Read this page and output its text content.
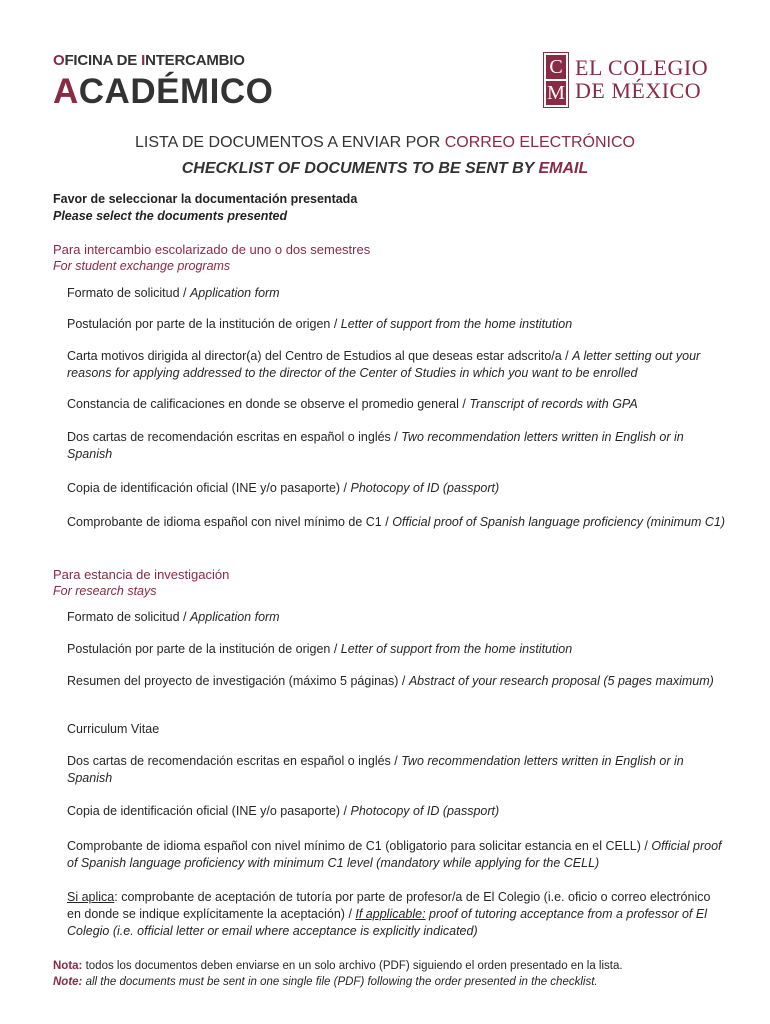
OFICINA DE INTERCAMBIO
ACADÉMICO
C
M
EL COLEGIO
DE MÉXICO
LISTA DE DOCUMENTOS A ENVIAR POR CORREO ELECTRÓNICO
CHECKLIST OF DOCUMENTS TO BE SENT BY EMAIL
Favor de seleccionar la documentación presentada
Please select the documents presented
Para intercambio escolarizado de uno o dos semestres
For student exchange programs
Formato de solicitud / Application form
Postulación por parte de la institución de origen / Letter of support from the home institution
Carta motivos dirigida al director(a) del Centro de Estudios al que deseas estar adscrito/a / A letter setting out your reasons for applying addressed to the director of the Center of Studies in which you want to be enrolled
Constancia de calificaciones en donde se observe el promedio general / Transcript of records with GPA
Dos cartas de recomendación escritas en español o inglés / Two recommendation letters written in English or in Spanish
Copia de identificación oficial (INE y/o pasaporte) / Photocopy of ID (passport)
Comprobante de idioma español con nivel mínimo de C1 / Official proof of Spanish language proficiency (minimum C1)
Para estancia de investigación
For research stays
Formato de solicitud / Application form
Postulación por parte de la institución de origen / Letter of support from the home institution
Resumen del proyecto de investigación (máximo 5 páginas) / Abstract of your research proposal (5 pages maximum)
Curriculum Vitae
Dos cartas de recomendación escritas en español o inglés / Two recommendation letters written in English or in Spanish
Copia de identificación oficial (INE y/o pasaporte) / Photocopy of ID (passport)
Comprobante de idioma español con nivel mínimo de C1 (obligatorio para solicitar estancia en el CELL) / Official proof of Spanish language proficiency with minimum C1 level (mandatory while applying for the CELL)
Si aplica: comprobante de aceptación de tutoría por parte de profesor/a de El Colegio (i.e. oficio o correo electrónico en donde se indique explícitamente la aceptación) / If applicable: proof of tutoring acceptance from a professor of El Colegio (i.e. official letter or email where acceptance is explicitly indicated)
Nota: todos los documentos deben enviarse en un solo archivo (PDF) siguiendo el orden presentado en la lista.
Note: all the documents must be sent in one single file (PDF) following the order presented in the checklist.
